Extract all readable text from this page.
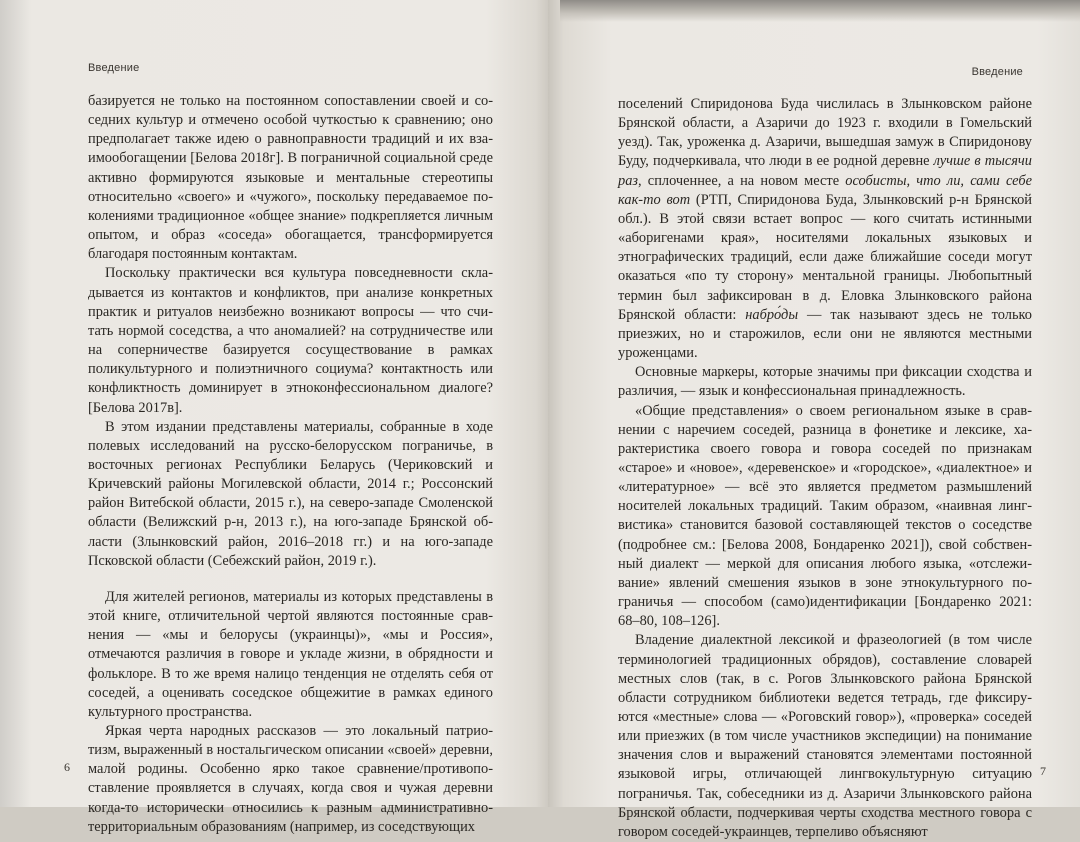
Введение

базируется не только на постоянном сопоставлении своей и соседних культур и отмечено особой чуткостью к сравнению; оно предполагает также идею о равноправности традиций и их взаимообогащении [Белова 2018г]. В пограничной социальной среде активно формируются языковые и ментальные стереотипы относительно «своего» и «чужого», поскольку передаваемое поколениями традиционное «общее знание» подкрепляется личным опытом, и образ «соседа» обогащается, трансформируется благодаря постоянным контактам.

Поскольку практически вся культура повседневности складывается из контактов и конфликтов, при анализе конкретных практик и ритуалов неизбежно возникают вопросы — что считать нормой соседства, а что аномалией? на сотрудничестве или на соперничестве базируется сосуществование в рамках поликультурного и полиэтничного социума? контактность или конфликтность доминирует в этноконфессиональном диалоге? [Белова 2017в].

В этом издании представлены материалы, собранные в ходе полевых исследований на русско-белорусском пограничье, в восточных регионах Республики Беларусь (Чериковский и Кричевский районы Могилевской области, 2014 г.; Россонский район Витебской области, 2015 г.), на северо-западе Смоленской области (Велижский р-н, 2013 г.), на юго-западе Брянской области (Злынковский район, 2016–2018 гг.) и на юго-западе Псковской области (Себежский район, 2019 г.).

Для жителей регионов, материалы из которых представлены в этой книге, отличительной чертой являются постоянные сравнения — «мы и белорусы (украинцы)», «мы и Россия», отмечаются различия в говоре и укладе жизни, в обрядности и фольклоре. В то же время налицо тенденция не отделять себя от соседей, а оценивать соседское общежитие в рамках единого культурного пространства.

Яркая черта народных рассказов — это локальный патриотизм, выраженный в ностальгическом описании «своей» деревни, малой родины. Особенно ярко такое сравнение/противопоставление проявляется в случаях, когда своя и чужая деревни когда-то исторически относились к разным административно-территориальным образованиям (например, из соседствующих

6
Введение

поселений Спиридонова Буда числилась в Злынковском районе Брянской области, а Азаричи до 1923 г. входили в Гомельский уезд). Так, уроженка д. Азаричи, вышедшая замуж в Спиридонову Буду, подчеркивала, что люди в ее родной деревне лучше в тысячи раз, сплоченнее, а на новом месте особисты, что ли, сами себе как-то вот (РТП, Спиридонова Буда, Злынковский р-н Брянской обл.). В этой связи встает вопрос — кого считать истинными «аборигенами края», носителями локальных языковых и этнографических традиций, если даже ближайшие соседи могут оказаться «по ту сторону» ментальной границы. Любопытный термин был зафиксирован в д. Еловка Злынковского района Брянской области: набро́ды — так называют здесь не только приезжих, но и старожилов, если они не являются местными уроженцами.

Основные маркеры, которые значимы при фиксации сходства и различия, — язык и конфессиональная принадлежность.

«Общие представления» о своем региональном языке в сравнении с наречием соседей, разница в фонетике и лексике, характеристика своего говора и говора соседей по признакам «старое» и «новое», «деревенское» и «городское», «диалектное» и «литературное» — всё это является предметом размышлений носителей локальных традиций. Таким образом, «наивная лингвистика» становится базовой составляющей текстов о соседстве (подробнее см.: [Белова 2008, Бондаренко 2021]), свой собственный диалект — меркой для описания любого языка, «отслеживание» явлений смешения языков в зоне этнокультурного пограничья — способом (само)идентификации [Бондаренко 2021: 68–80, 108–126].

Владение диалектной лексикой и фразеологией (в том числе терминологией традиционных обрядов), составление словарей местных слов (так, в с. Рогов Злынковского района Брянской области сотрудником библиотеки ведется тетрадь, где фиксируются «местные» слова — «Роговский говор»), «проверка» соседей или приезжих (в том числе участников экспедиции) на понимание значения слов и выражений становятся элементами постоянной языковой игры, отличающей лингвокультурную ситуацию пограничья. Так, собеседники из д. Азаричи Злынковского района Брянской области, подчеркивая черты сходства местного говора с говором соседей-украинцев, терпеливо объясняют

7
